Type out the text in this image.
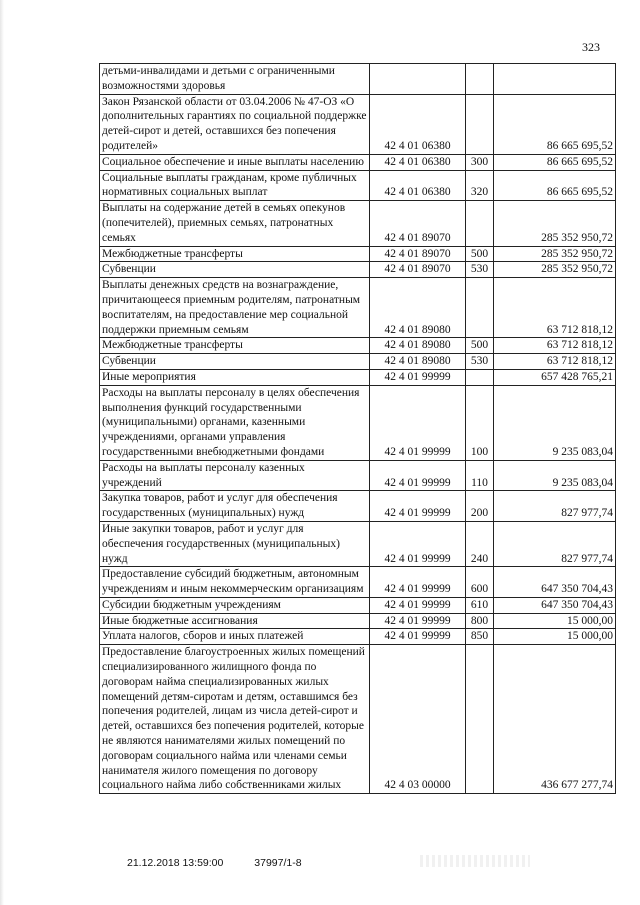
323
детьми-инвалидами и детьми с ограниченными возможностями здоровья			
Закон Рязанской области от 03.04.2006 № 47-ОЗ «О дополнительных гарантиях по социальной поддержке детей-сирот и детей, оставшихся без попечения родителей»	42 4 01 06380		86 665 695,52
Социальное обеспечение и иные выплаты населению	42 4 01 06380	300	86 665 695,52
Социальные выплаты гражданам, кроме публичных нормативных социальных выплат	42 4 01 06380	320	86 665 695,52
Выплаты на содержание детей в семьях опекунов (попечителей), приемных семьях, патронатных семьях	42 4 01 89070		285 352 950,72
Межбюджетные трансферты	42 4 01 89070	500	285 352 950,72
Субвенции	42 4 01 89070	530	285 352 950,72
Выплаты денежных средств на вознаграждение, причитающееся приемным родителям, патронатным воспитателям, на предоставление мер социальной поддержки приемным семьям	42 4 01 89080		63 712 818,12
Межбюджетные трансферты	42 4 01 89080	500	63 712 818,12
Субвенции	42 4 01 89080	530	63 712 818,12
Иные мероприятия	42 4 01 99999		657 428 765,21
Расходы на выплаты персоналу в целях обеспечения выполнения функций государственными (муниципальными) органами, казенными учреждениями, органами управления государственными внебюджетными фондами	42 4 01 99999	100	9 235 083,04
Расходы на выплаты персоналу казенных учреждений	42 4 01 99999	110	9 235 083,04
Закупка товаров, работ и услуг для обеспечения государственных (муниципальных) нужд	42 4 01 99999	200	827 977,74
Иные закупки товаров, работ и услуг для обеспечения государственных (муниципальных) нужд	42 4 01 99999	240	827 977,74
Предоставление субсидий бюджетным, автономным учреждениям и иным некоммерческим организациям	42 4 01 99999	600	647 350 704,43
Субсидии бюджетным учреждениям	42 4 01 99999	610	647 350 704,43
Иные бюджетные ассигнования	42 4 01 99999	800	15 000,00
Уплата налогов, сборов и иных платежей	42 4 01 99999	850	15 000,00
Предоставление благоустроенных жилых помещений специализированного жилищного фонда по договорам найма специализированных жилых помещений детям-сиротам и детям, оставшимся без попечения родителей, лицам из числа детей-сирот и детей, оставшихся без попечения родителей, которые не являются нанимателями жилых помещений по договорам социального найма или членами семьи нанимателя жилого помещения по договору социального найма либо собственниками жилых	42 4 03 00000		436 677 277,74
21.12.2018 13:59:00	37997/1-8
